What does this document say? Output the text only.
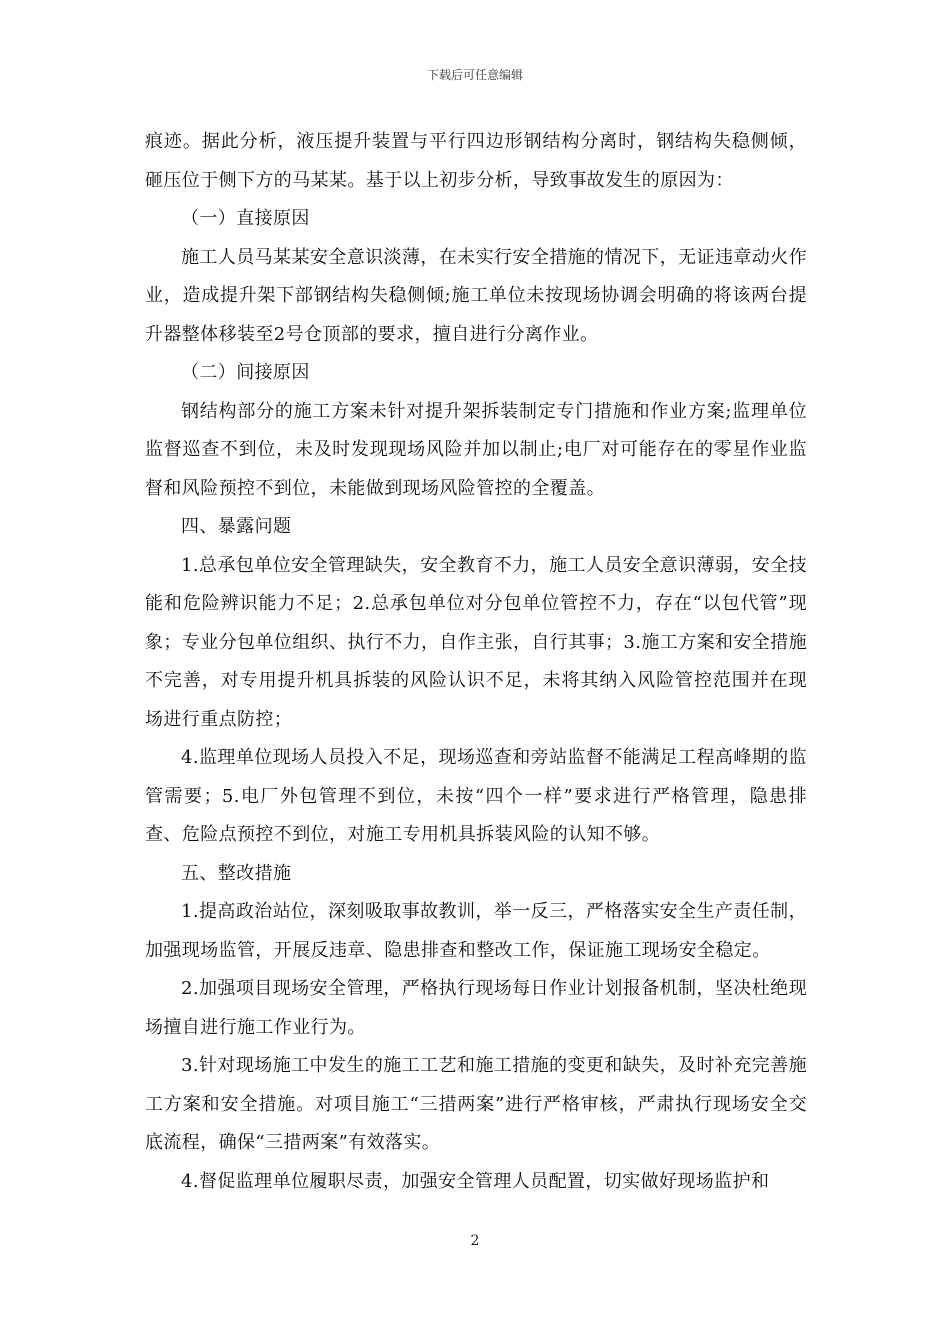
下载后可任意编辑

痕迹。据此分析，液压提升装置与平行四边形钢结构分离时，钢结构失稳侧倾，砸压位于侧下方的马某某。基于以上初步分析，导致事故发生的原因为：

（一）直接原因

施工人员马某某安全意识淡薄，在未实行安全措施的情况下，无证违章动火作业，造成提升架下部钢结构失稳侧倾;施工单位未按现场协调会明确的将该两台提升器整体移装至2号仓顶部的要求，擅自进行分离作业。

（二）间接原因

钢结构部分的施工方案未针对提升架拆装制定专门措施和作业方案;监理单位监督巡查不到位，未及时发现现场风险并加以制止;电厂对可能存在的零星作业监督和风险预控不到位，未能做到现场风险管控的全覆盖。

四、暴露问题

1.总承包单位安全管理缺失，安全教育不力，施工人员安全意识薄弱，安全技能和危险辨识能力不足；2.总承包单位对分包单位管控不力，存在“以包代管”现象；专业分包单位组织、执行不力，自作主张，自行其事；3.施工方案和安全措施不完善，对专用提升机具拆装的风险认识不足，未将其纳入风险管控范围并在现场进行重点防控；

4.监理单位现场人员投入不足，现场巡查和旁站监督不能满足工程高峰期的监管需要；5.电厂外包管理不到位，未按“四个一样”要求进行严格管理，隐患排查、危险点预控不到位，对施工专用机具拆装风险的认知不够。

五、整改措施

1.提高政治站位，深刻吸取事故教训，举一反三，严格落实安全生产责任制，加强现场监管，开展反违章、隐患排查和整改工作，保证施工现场安全稳定。

2.加强项目现场安全管理，严格执行现场每日作业计划报备机制，坚决杜绝现场擅自进行施工作业行为。

3.针对现场施工中发生的施工工艺和施工措施的变更和缺失，及时补充完善施工方案和安全措施。对项目施工“三措两案”进行严格审核，严肃执行现场安全交底流程，确保“三措两案”有效落实。

4.督促监理单位履职尽责，加强安全管理人员配置，切实做好现场监护和

2
